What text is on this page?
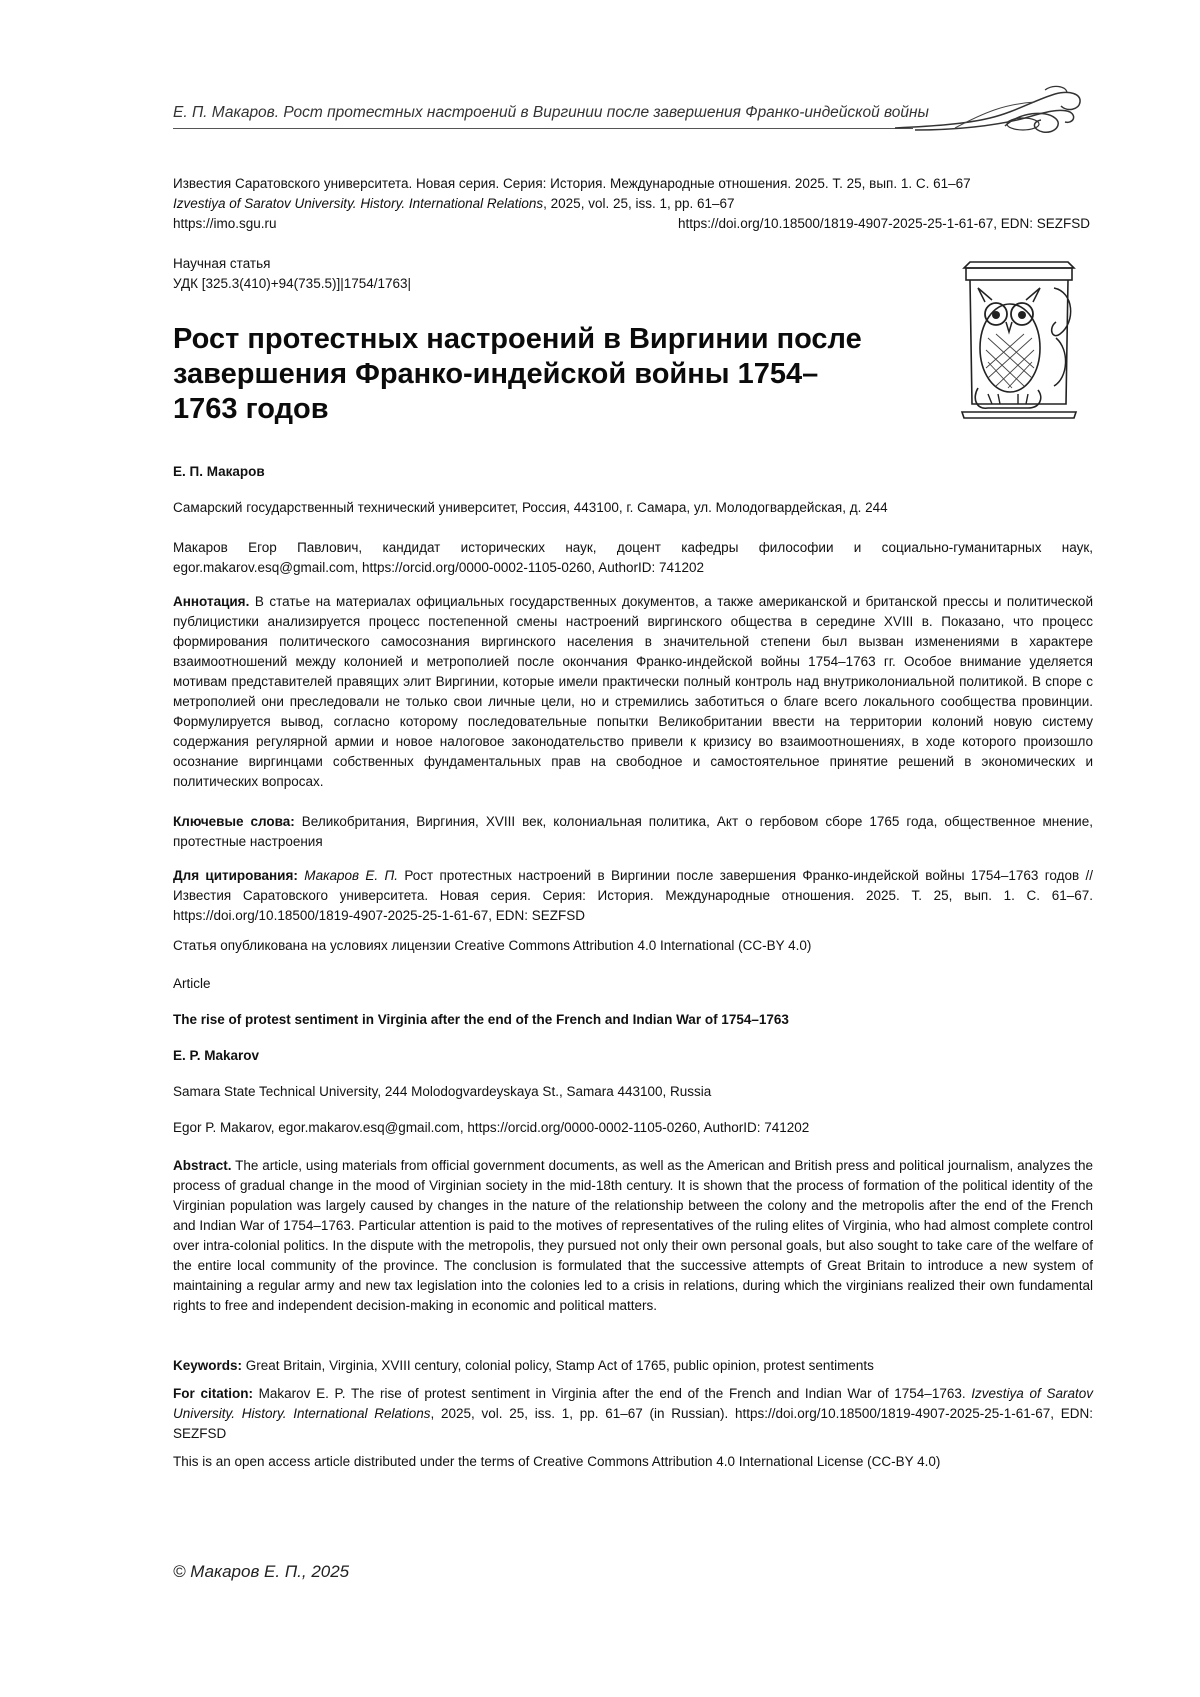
Е. П. Макаров. Рост протестных настроений в Виргинии после завершения Франко-индейской войны
Известия Саратовского университета. Новая серия. Серия: История. Международные отношения. 2025. Т. 25, вып. 1. С. 61–67
Izvestiya of Saratov University. History. International Relations, 2025, vol. 25, iss. 1, pp. 61–67
https://imo.sgu.ru	https://doi.org/10.18500/1819-4907-2025-25-1-61-67, EDN: SEZFSD
Научная статья
УДК [325.3(410)+94(735.5)]|1754/1763|
Рост протестных настроений в Виргинии после завершения Франко-индейской войны 1754–1763 годов

Е. П. Макаров

Самарский государственный технический университет, Россия, 443100, г. Самара, ул. Молодогвардейская, д. 244

Макаров Егор Павлович, кандидат исторических наук, доцент кафедры философии и социально-гуманитарных наук, egor.makarov.esq@gmail.com, https://orcid.org/0000-0002-1105-0260, AuthorID: 741202

Аннотация. В статье на материалах официальных государственных документов, а также американской и британской прессы и политической публицистики анализируется процесс постепенной смены настроений виргинского общества в середине XVIII в. Показано, что процесс формирования политического самосознания виргинского населения в значительной степени был вызван изменениями в характере взаимоотношений между колонией и метрополией после окончания Франко-индейской войны 1754–1763 гг. Особое внимание уделяется мотивам представителей правящих элит Виргинии, которые имели практически полный контроль над внутриколониальной политикой. В споре с метрополией они преследовали не только свои личные цели, но и стремились заботиться о благе всего локального сообщества провинции. Формулируется вывод, согласно которому последовательные попытки Великобритании ввести на территории колоний новую систему содержания регулярной армии и новое налоговое законодательство привели к кризису во взаимоотношениях, в ходе которого произошло осознание виргинцами собственных фундаментальных прав на свободное и самостоятельное принятие решений в экономических и политических вопросах.

Ключевые слова: Великобритания, Виргиния, XVIII век, колониальная политика, Акт о гербовом сборе 1765 года, общественное мнение, протестные настроения

Для цитирования: Макаров Е. П. Рост протестных настроений в Виргинии после завершения Франко-индейской войны 1754–1763 годов // Известия Саратовского университета. Новая серия. Серия: История. Международные отношения. 2025. Т. 25, вып. 1. С. 61–67. https://doi.org/10.18500/1819-4907-2025-25-1-61-67, EDN: SEZFSD

Статья опубликована на условиях лицензии Creative Commons Attribution 4.0 International (CC-BY 4.0)

Article

The rise of protest sentiment in Virginia after the end of the French and Indian War of 1754–1763

E. P. Makarov

Samara State Technical University, 244 Molodogvardeyskaya St., Samara 443100, Russia

Egor P. Makarov, egor.makarov.esq@gmail.com, https://orcid.org/0000-0002-1105-0260, AuthorID: 741202

Abstract. The article, using materials from official government documents, as well as the American and British press and political journalism, analyzes the process of gradual change in the mood of Virginian society in the mid-18th century. It is shown that the process of formation of the political identity of the Virginian population was largely caused by changes in the nature of the relationship between the colony and the metropolis after the end of the French and Indian War of 1754–1763. Particular attention is paid to the motives of representatives of the ruling elites of Virginia, who had almost complete control over intra-colonial politics. In the dispute with the metropolis, they pursued not only their own personal goals, but also sought to take care of the welfare of the entire local community of the province. The conclusion is formulated that the successive attempts of Great Britain to introduce a new system of maintaining a regular army and new tax legislation into the colonies led to a crisis in relations, during which the virginians realized their own fundamental rights to free and independent decision-making in economic and political matters.

Keywords: Great Britain, Virginia, XVIII century, colonial policy, Stamp Act of 1765, public opinion, protest sentiments

For citation: Makarov E. P. The rise of protest sentiment in Virginia after the end of the French and Indian War of 1754–1763. Izvestiya of Saratov University. History. International Relations, 2025, vol. 25, iss. 1, pp. 61–67 (in Russian). https://doi.org/10.18500/1819-4907-2025-25-1-61-67, EDN: SEZFSD

This is an open access article distributed under the terms of Creative Commons Attribution 4.0 International License (CC-BY 4.0)

© Макаров Е. П., 2025
